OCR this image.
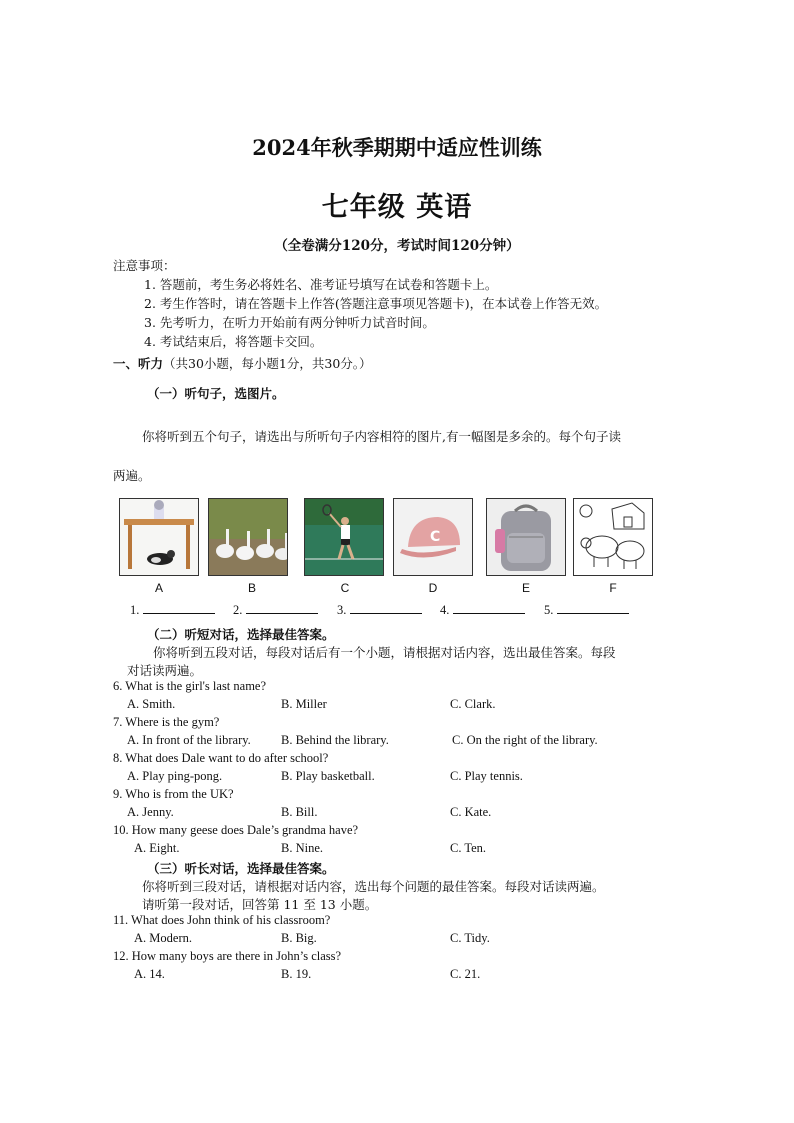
2024年秋季期期中适应性训练
七年级 英语
（全卷满分120分，考试时间120分钟）
注意事项：
1. 答题前，考生务必将姓名、准考证号填写在试卷和答题卡上。
2. 考生作答时，请在答题卡上作答(答题注意事项见答题卡)，在本试卷上作答无效。
3. 先考听力，在听力开始前有两分钟听力试音时间。
4. 考试结束后，将答题卡交回。
一、听力（共30小题，每小题1分，共30分。）
（一）听句子，选图片。
你将听到五个句子，请选出与所听句子内容相符的图片,有一幅图是多余的。每个句子读
两遍。
A	B	C
C
D	E	F
1.	2.	3.	4.	5.
（二）听短对话，选择最佳答案。
你将听到五段对话，每段对话后有一个小题，请根据对话内容，选出最佳答案。每段
对话读两遍。
6. What is the girl's last name?
A. Smith.	B. Miller	C. Clark.
7. Where is the gym?
A. In front of the library. B. Behind the library.	C. On the right of the library.
8. What does Dale want to do after school?
A. Play ping-pong.	B. Play basketball.	C. Play tennis.
9. Who is from the UK?
A. Jenny.	B. Bill.	C. Kate.
10. How many geese does Dale’s grandma have?
A. Eight.	B. Nine.	C. Ten.
（三）听长对话，选择最佳答案。
你将听到三段对话，请根据对话内容，选出每个问题的最佳答案。每段对话读两遍。
请听第一段对话，回答第 11 至 13 小题。
11. What does John think of his classroom?
A. Modern.	B. Big.	C. Tidy.
12. How many boys are there in John’s class?
A. 14.	B. 19.	C. 21.
